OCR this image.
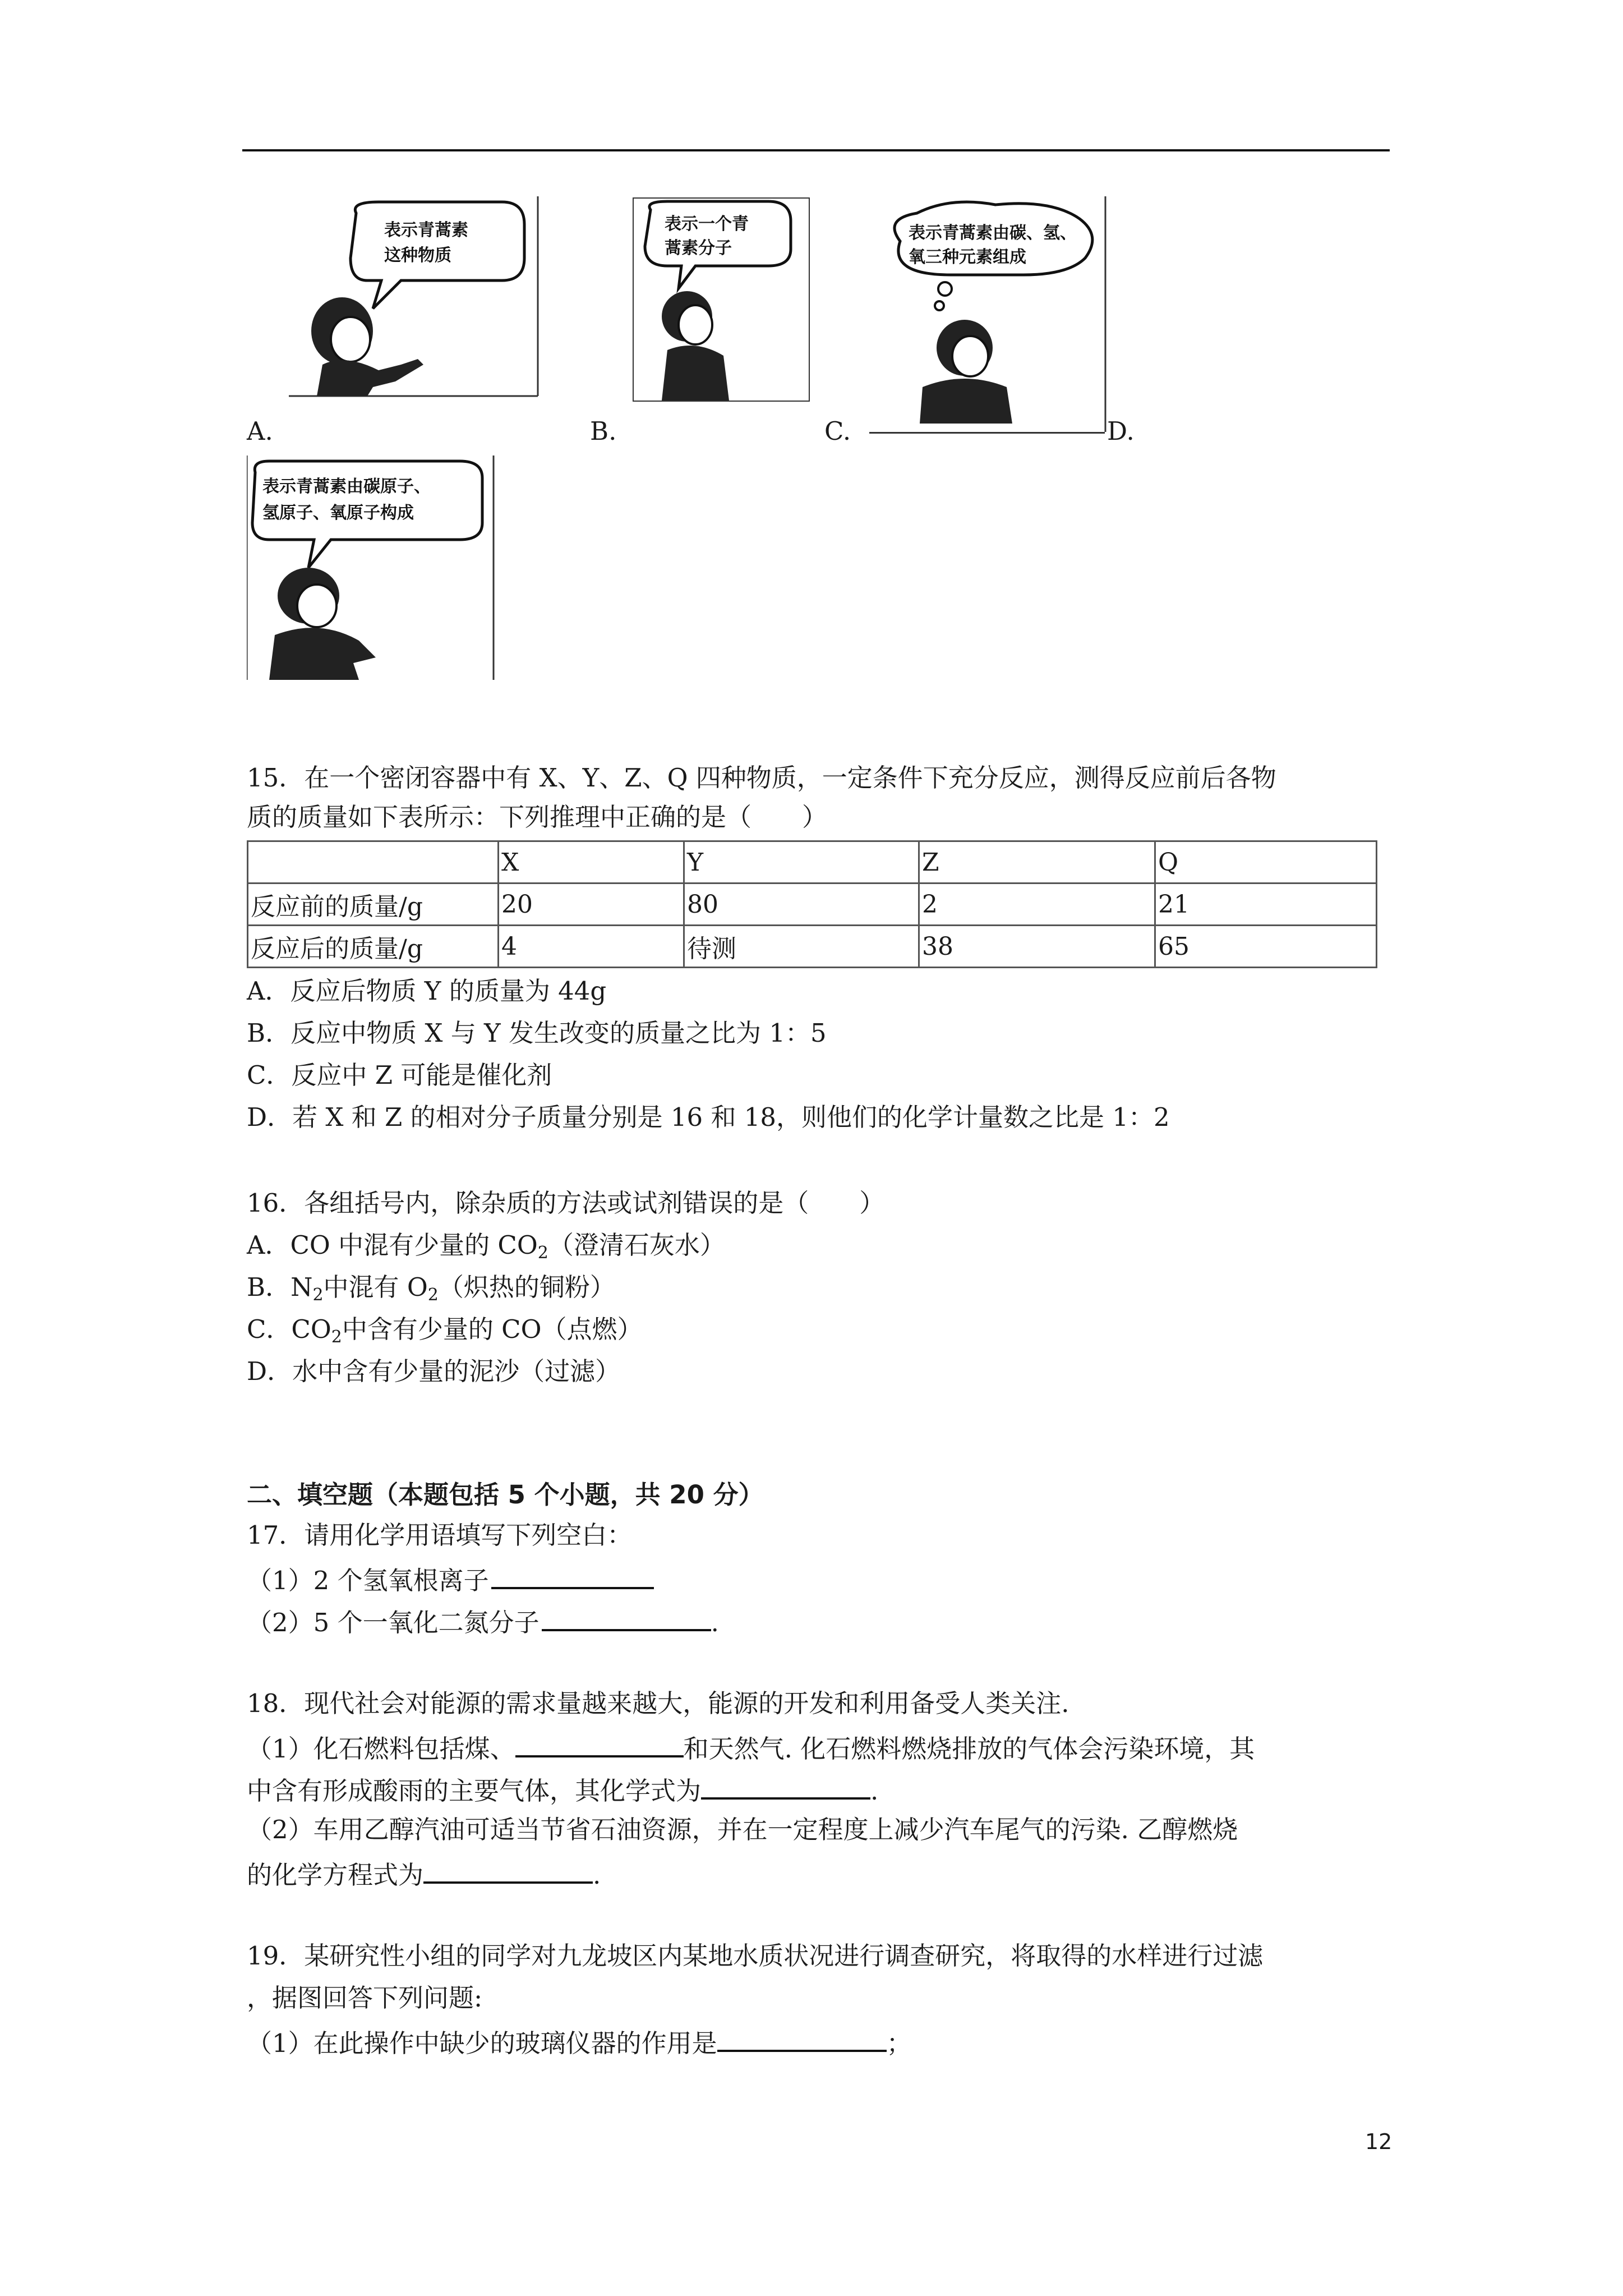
表示青蒿素
这种物质
A.
表示一个青
蒿素分子
B.
表示青蒿素由碳、氢、
氧三种元素组成
C.	D.
表示青蒿素由碳原子、
氢原子、氧原子构成
15．在一个密闭容器中有 X、Y、Z、Q 四种物质，一定条件下充分反应，测得反应前后各物
质的质量如下表所示：下列推理中正确的是（　　）
	X	Y	Z	Q
反应前的质量/g	20	80	2	21
反应后的质量/g	4	待测	38	65
A．反应后物质 Y 的质量为 44g
B．反应中物质 X 与 Y 发生改变的质量之比为 1：5
C．反应中 Z 可能是催化剂
D．若 X 和 Z 的相对分子质量分别是 16 和 18，则他们的化学计量数之比是 1：2
16．各组括号内，除杂质的方法或试剂错误的是（　　）
A．CO 中混有少量的 $CO_2$（澄清石灰水）
B．$N_2$中混有 $O_2$（炽热的铜粉）
C．$CO_2$中含有少量的 CO（点燃）
D．水中含有少量的泥沙（过滤）
二、填空题（本题包括 5 个小题，共 20 分）
17．请用化学用语填写下列空白：
（1）2 个氢氧根离子
（2）5 个一氧化二氮分子	.
18．现代社会对能源的需求量越来越大，能源的开发和利用备受人类关注.
（1）化石燃料包括煤、	和天然气. 化石燃料燃烧排放的气体会污染环境，其
中含有形成酸雨的主要气体，其化学式为	.
（2）车用乙醇汽油可适当节省石油资源，并在一定程度上减少汽车尾气的污染. 乙醇燃烧
的化学方程式为	.
19．某研究性小组的同学对九龙坡区内某地水质状况进行调查研究，将取得的水样进行过滤
，据图回答下列问题:
（1）在此操作中缺少的玻璃仪器的作用是	；
12
